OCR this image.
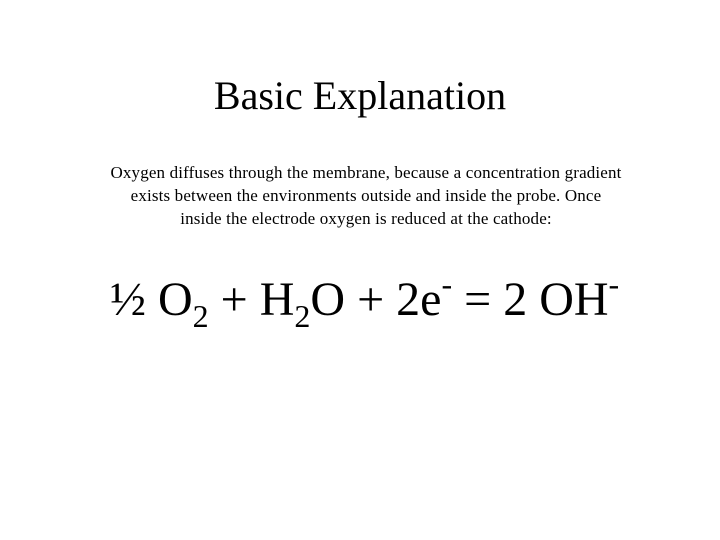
Basic Explanation
Oxygen diffuses through the membrane, because a concentration gradient
exists between the environments outside and inside the probe. Once
inside the electrode oxygen is reduced at the cathode:
½ $O_2 + H_2O + 2e^- = 2$ OH-
